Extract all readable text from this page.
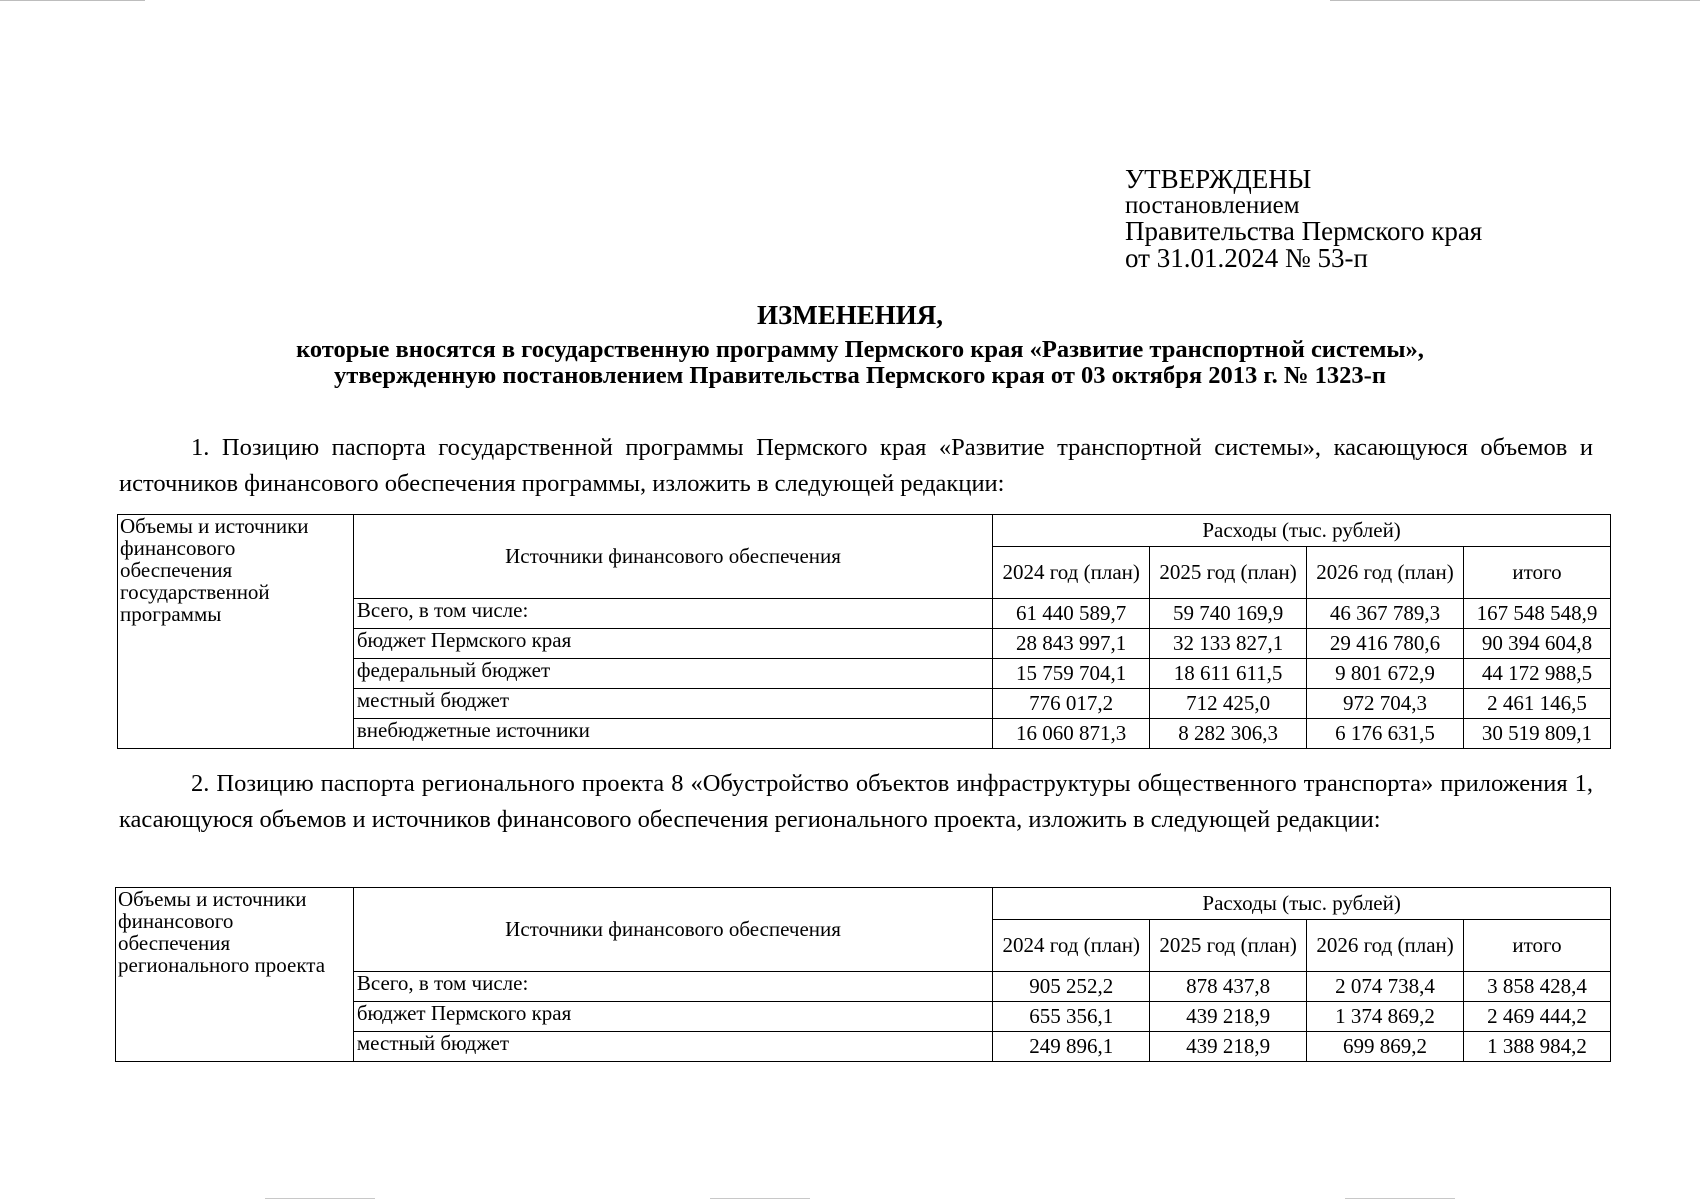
УТВЕРЖДЕНЫ
постановлением
Правительства Пермского края
от 31.01.2024 № 53-п
ИЗМЕНЕНИЯ,
которые вносятся в государственную программу Пермского края «Развитие транспортной системы»,
утвержденную постановлением Правительства Пермского края от 03 октября 2013 г. № 1323-п
1. Позицию паспорта государственной программы Пермского края «Развитие транспортной системы», касающуюся объемов и источников финансового обеспечения программы, изложить в следующей редакции:
Объемы и источники финансового обеспечения государственной программы	Источники финансового обеспечения	Расходы (тыс. рублей)			
		2024 год (план)	2025 год (план)	2026 год (план)	итого
	Всего, в том числе:	61 440 589,7	59 740 169,9	46 367 789,3	167 548 548,9
	бюджет Пермского края	28 843 997,1	32 133 827,1	29 416 780,6	90 394 604,8
	федеральный бюджет	15 759 704,1	18 611 611,5	9 801 672,9	44 172 988,5
	местный бюджет	776 017,2	712 425,0	972 704,3	2 461 146,5
	внебюджетные источники	16 060 871,3	8 282 306,3	6 176 631,5	30 519 809,1
2. Позицию паспорта регионального проекта 8 «Обустройство объектов инфраструктуры общественного транспорта» приложения 1, касающуюся объемов и источников финансового обеспечения регионального проекта, изложить в следующей редакции:
Объемы и источники финансового обеспечения регионального проекта	Источники финансового обеспечения	Расходы (тыс. рублей)			
		2024 год (план)	2025 год (план)	2026 год (план)	итого
	Всего, в том числе:	905 252,2	878 437,8	2 074 738,4	3 858 428,4
	бюджет Пермского края	655 356,1	439 218,9	1 374 869,2	2 469 444,2
	местный бюджет	249 896,1	439 218,9	699 869,2	1 388 984,2
